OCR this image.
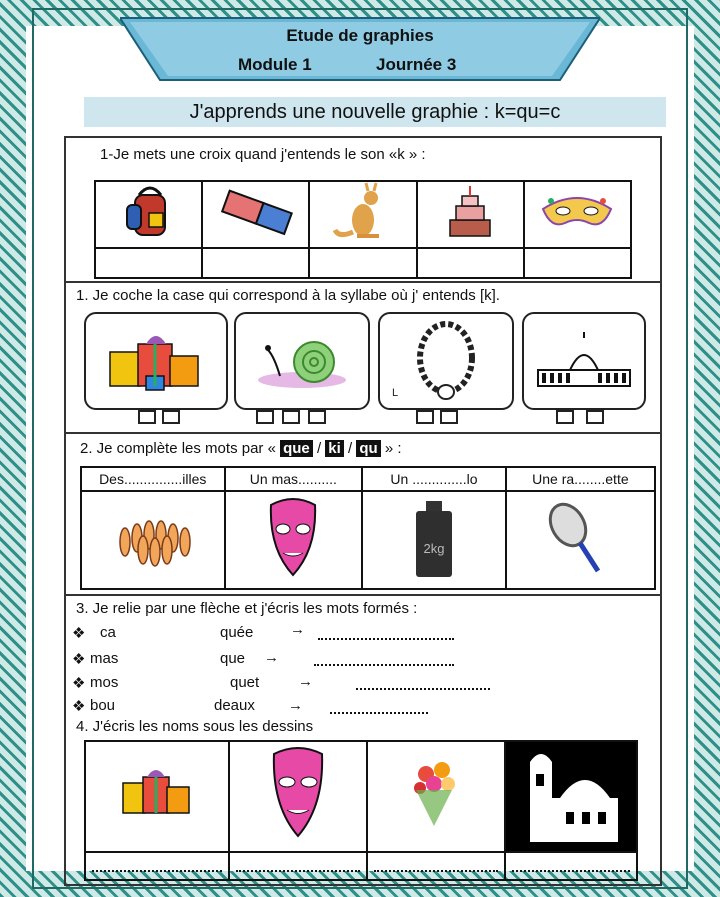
Etude de graphies
Module 1	Journée 3
J'apprends une nouvelle graphie : k=qu=c
1-Je mets une croix quand j'entends le son «k » :

1. Je coche la case qui correspond à la syllabe où j' entends [k].
L
2. Je complète les mots par « que / ki / qu » :
Des...............illes	Un mas..........	Un ..............lo	Une ra........ette

2kg

3. Je relie par une flèche et j'écris les mots formés :
❖ ca	quée →
❖ mas	que →
❖ mos	quet	→
❖ bou	deaux →
4. J'écris les noms sous les dessins
